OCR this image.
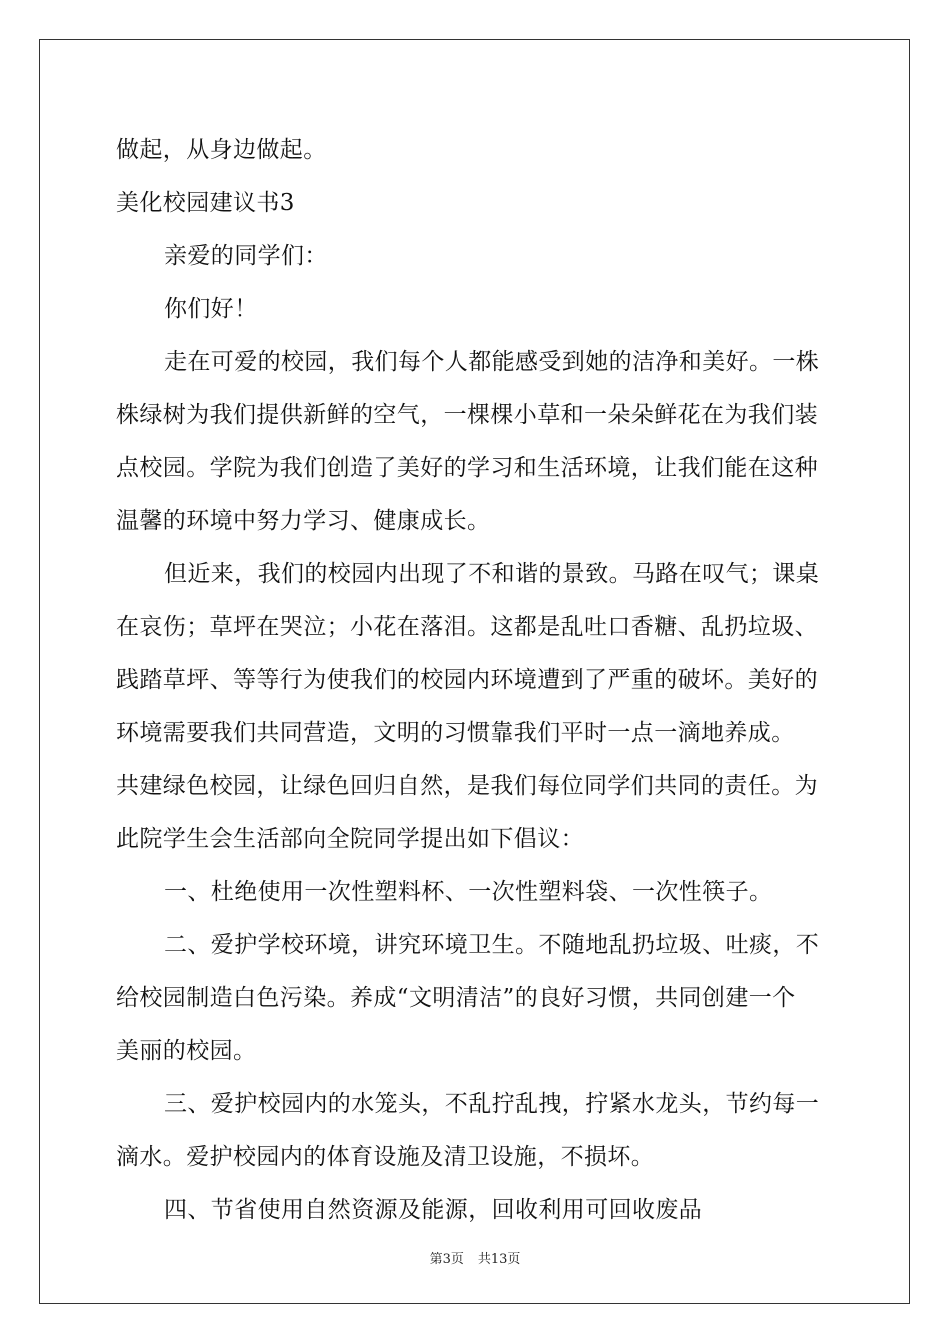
做起，从身边做起。
美化校园建议书3
亲爱的同学们：
你们好！
走在可爱的校园，我们每个人都能感受到她的洁净和美好。一株
株绿树为我们提供新鲜的空气，一棵棵小草和一朵朵鲜花在为我们装
点校园。学院为我们创造了美好的学习和生活环境，让我们能在这种
温馨的环境中努力学习、健康成长。
但近来，我们的校园内出现了不和谐的景致。马路在叹气；课桌
在哀伤；草坪在哭泣；小花在落泪。这都是乱吐口香糖、乱扔垃圾、
践踏草坪、等等行为使我们的校园内环境遭到了严重的破坏。美好的
环境需要我们共同营造，文明的习惯靠我们平时一点一滴地养成。
共建绿色校园，让绿色回归自然，是我们每位同学们共同的责任。为
此院学生会生活部向全院同学提出如下倡议：
一、杜绝使用一次性塑料杯、一次性塑料袋、一次性筷子。
二、爱护学校环境，讲究环境卫生。不随地乱扔垃圾、吐痰，不
给校园制造白色污染。养成“文明清洁”的良好习惯，共同创建一个
美丽的校园。
三、爱护校园内的水笼头，不乱拧乱拽，拧紧水龙头，节约每一
滴水。爱护校园内的体育设施及清卫设施，不损坏。
四、节省使用自然资源及能源，回收利用可回收废品
第3页 共13页
